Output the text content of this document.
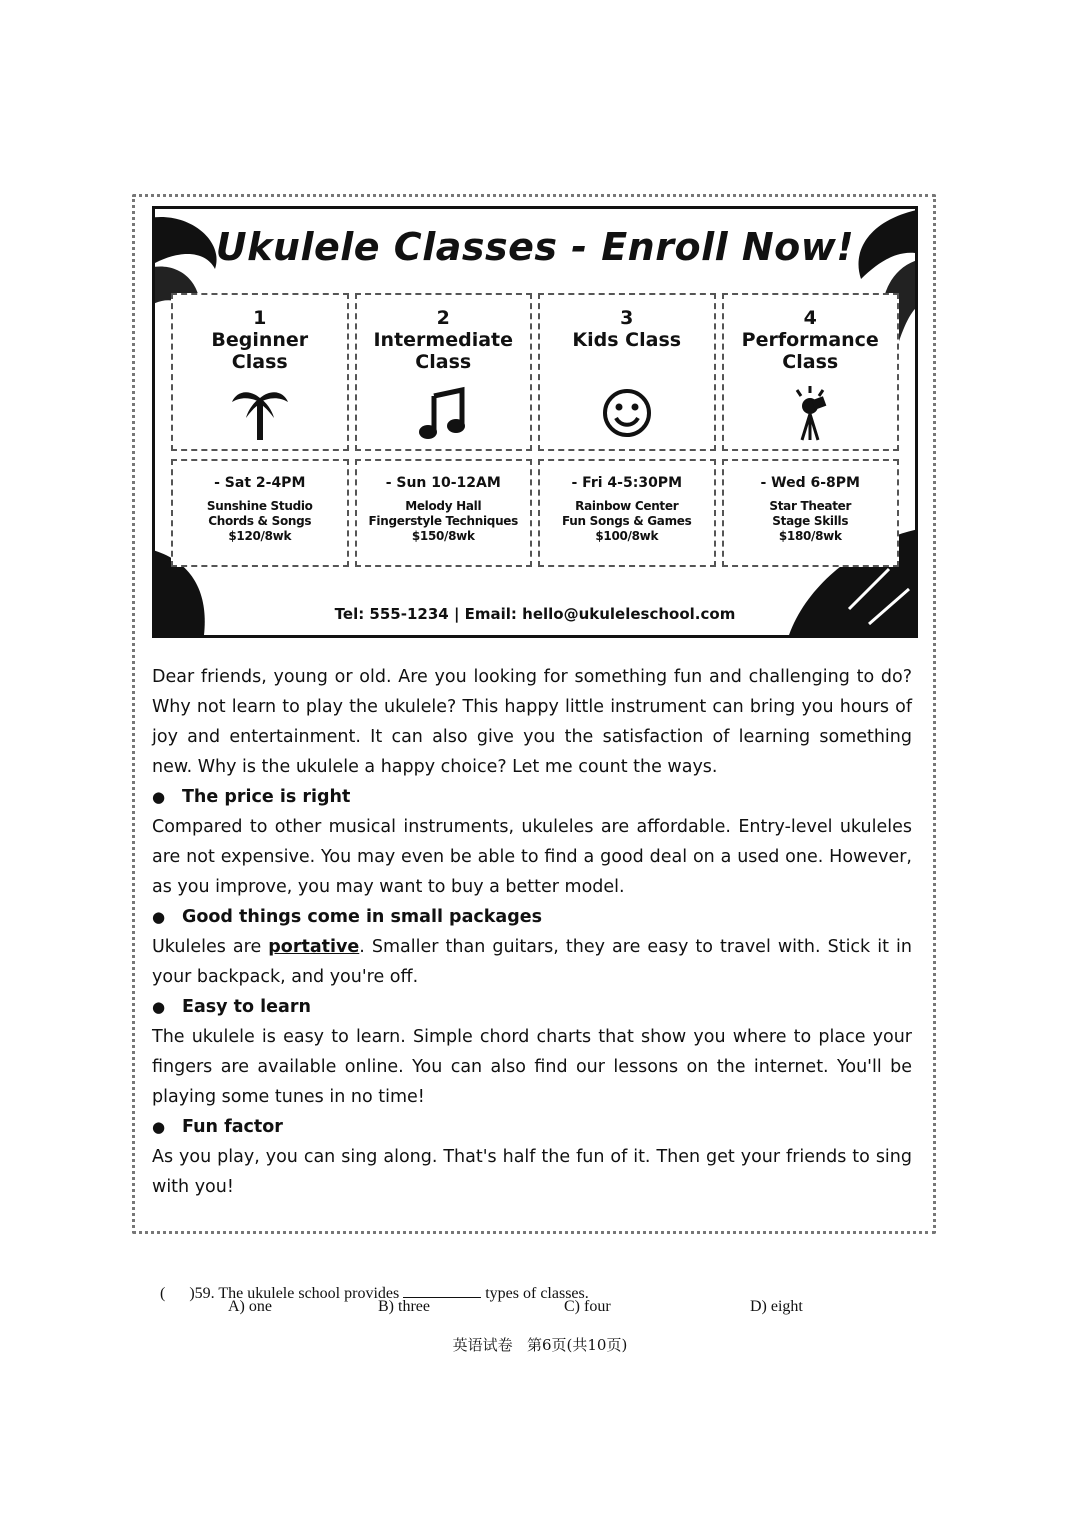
Ukulele Classes - Enroll Now!
1
Beginner
Class
2
Intermediate
Class
3
Kids Class
4
Performance
Class
- Sat 2-4PM
Sunshine Studio
Chords & Songs
$120/8wk
- Sun 10-12AM
Melody Hall
Fingerstyle Techniques
$150/8wk
- Fri 4-5:30PM
Rainbow Center
Fun Songs & Games
$100/8wk
- Wed 6-8PM
Star Theater
Stage Skills
$180/8wk
Tel: 555-1234 | Email: hello@ukuleleschool.com

Dear friends, young or old. Are you looking for something fun and challenging to do? Why not learn to play the ukulele? This happy little instrument can bring you hours of joy and entertainment. It can also give you the satisfaction of learning something new. Why is the ukulele a happy choice? Let me count the ways.

● The price is right

Compared to other musical instruments, ukuleles are affordable. Entry-level ukuleles are not expensive. You may even be able to find a good deal on a used one. However, as you improve, you may want to buy a better model.

● Good things come in small packages

Ukuleles are portative. Smaller than guitars, they are easy to travel with. Stick it in your backpack, and you're off.

● Easy to learn

The ukulele is easy to learn. Simple chord charts that show you where to place your fingers are available online. You can also find our lessons on the internet. You'll be playing some tunes in no time!

● Fun factor

As you play, you can sing along. That's half the fun of it. Then get your friends to sing with you!

(      )59. The ukulele school provides	types of classes.

A) one	B) three	C) four	D) eight
英语试卷   第6页(共10页)
